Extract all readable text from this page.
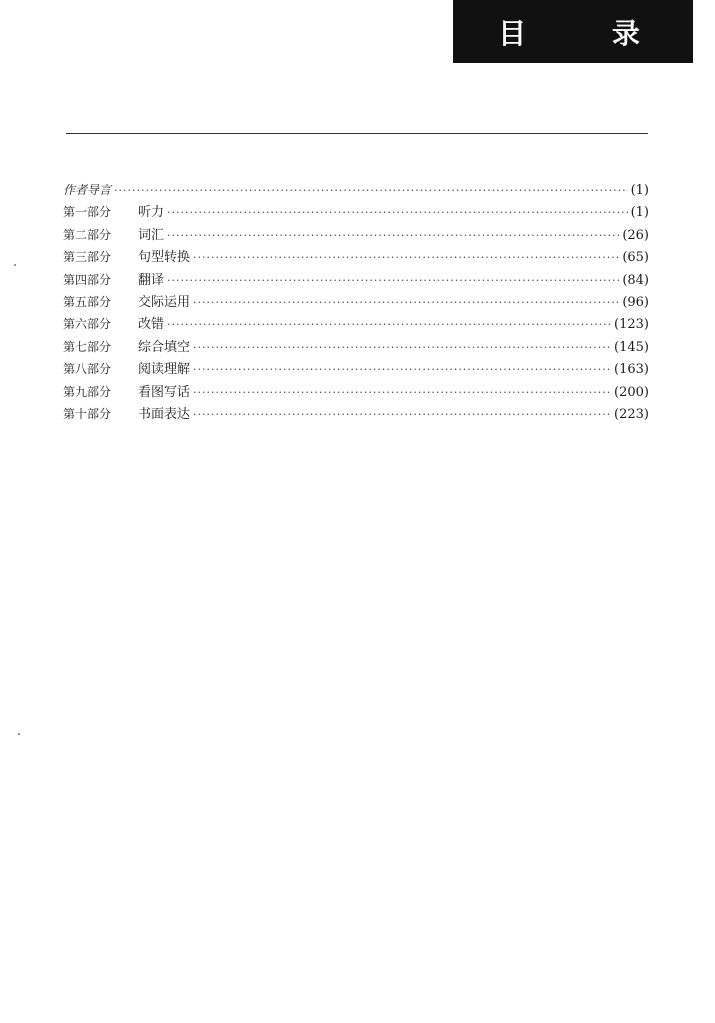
目 录
作者导言 ·····	(1)
第一部分	听力 ·····	(1)
第二部分	词汇 ·····	(26)
第三部分	句型转换 ·····	(65)
第四部分	翻译 ·····	(84)
第五部分	交际运用 ·····	(96)
第六部分	改错 ·····	(123)
第七部分	综合填空 ·····	(145)
第八部分	阅读理解 ·····	(163)
第九部分	看图写话 ·····	(200)
第十部分	书面表达 ·····	(223)
